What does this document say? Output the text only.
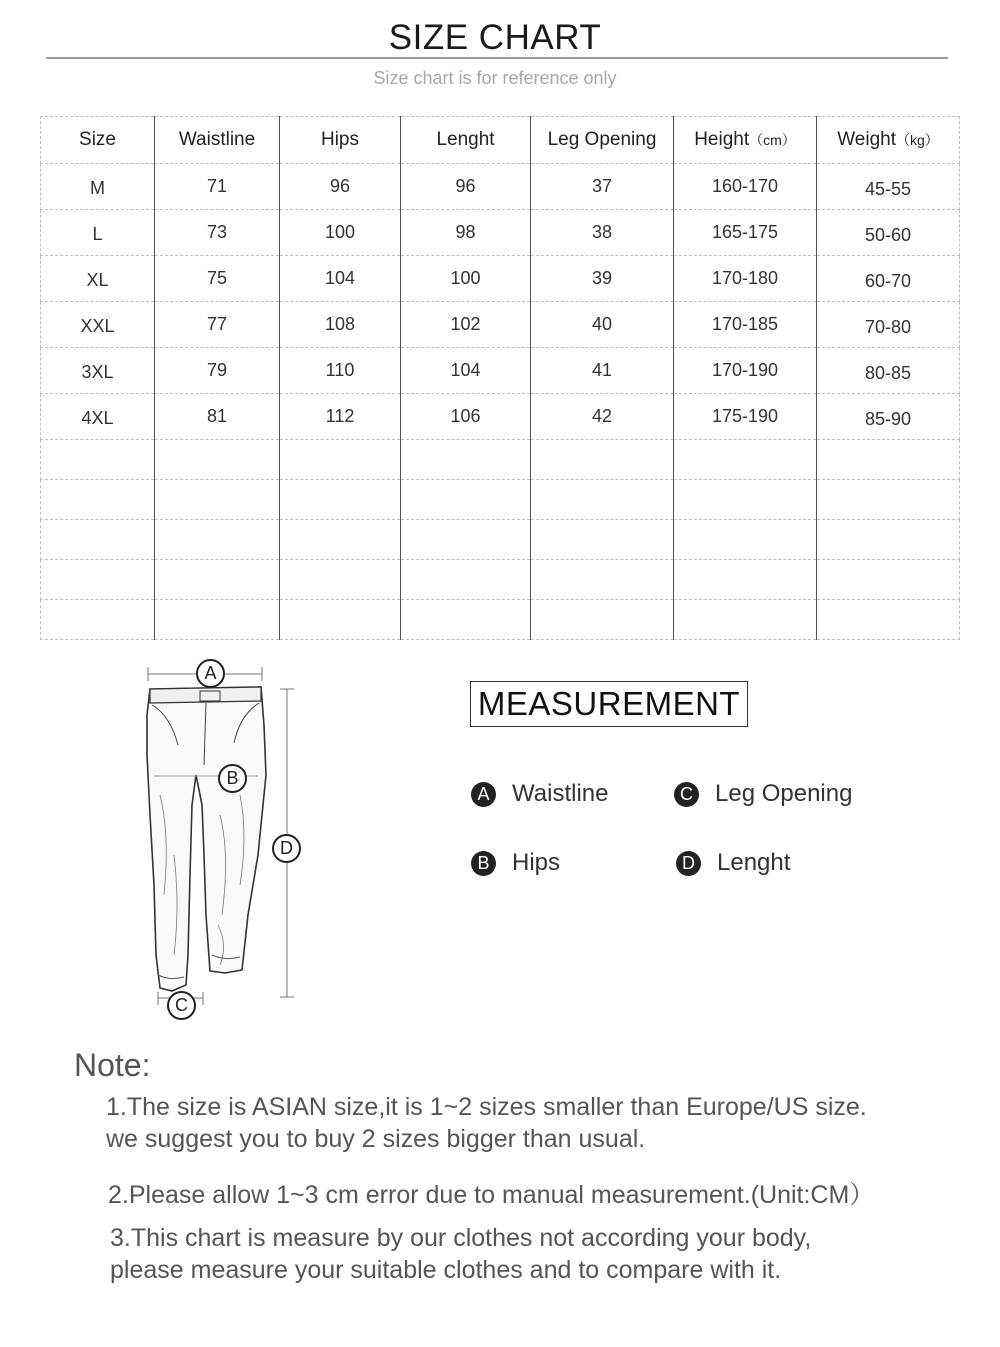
SIZE CHART
Size chart is for reference only
Size	Waistline	Hips	Lenght	Leg Opening	Height（cm）	Weight（kg）
M	71	96	96	37	160-170	45-55
L	73	100	98	38	165-175	50-60
XL	75	104	100	39	170-180	60-70
XXL	77	108	102	40	170-185	70-80
3XL	79	110	104	41	170-190	80-85
4XL	81	112	106	42	175-190	85-90

A
B
D
C
MEASUREMENT
A Waistline	C Leg Opening
B Hips	D Lenght
Note:
1.The size is ASIAN size,it is 1~2 sizes smaller than Europe/US size.
we suggest you to buy 2 sizes bigger than usual.
2.Please allow 1~3 cm error due to manual measurement.(Unit:CM）
3.This chart is measure by our clothes not according your body,
please measure your suitable clothes and to compare with it.
